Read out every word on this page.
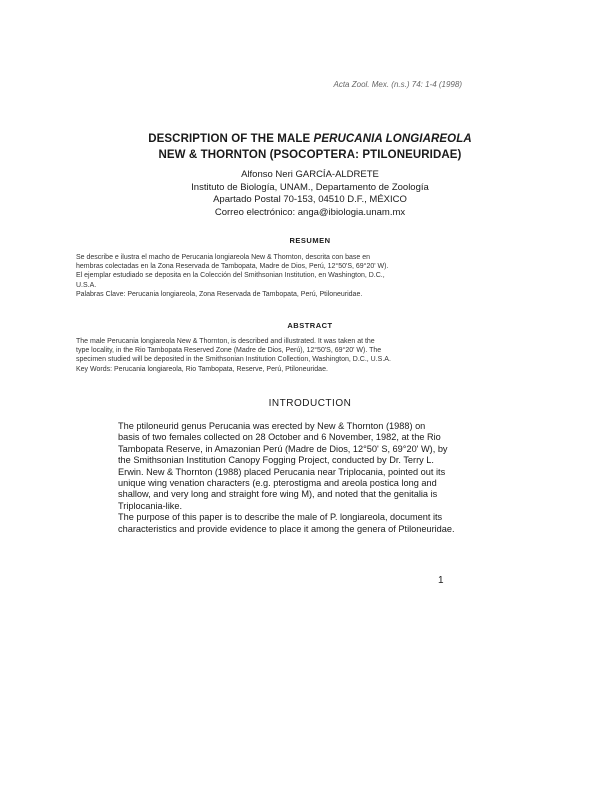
Acta Zool. Mex. (n.s.) 74: 1-4 (1998)
DESCRIPTION OF THE MALE PERUCANIA LONGIAREOLA
NEW & THORNTON (PSOCOPTERA: PTILONEURIDAE)
Alfonso Neri GARCÍA-ALDRETE
Instituto de Biología, UNAM., Departamento de Zoología
Apartado Postal 70-153, 04510 D.F., MÉXICO
Correo electrónico: anga@ibiologia.unam.mx
RESUMEN
Se describe e ilustra el macho de Perucania longiareola New & Thornton, descrita con base en
hembras colectadas en la Zona Reservada de Tambopata, Madre de Dios, Perú, 12°50'S, 69°20' W).
El ejemplar estudiado se deposita en la Colección del Smithsonian Institution, en Washington, D.C.,
U.S.A.
Palabras Clave: Perucania longiareola, Zona Reservada de Tambopata, Perú, Ptiloneuridae.
ABSTRACT
The male Perucania longiareola New & Thornton, is described and illustrated. It was taken at the
type locality, in the Rio Tambopata Reserved Zone (Madre de Dios, Perú), 12°50'S, 69°20' W). The
specimen studied will be deposited in the Smithsonian Institution Collection, Washington, D.C., U.S.A.
Key Words: Perucania longiareola, Rio Tambopata, Reserve, Perú, Ptiloneuridae.
INTRODUCTION
The ptiloneurid genus Perucania was erected by New & Thornton (1988) on
basis of two females collected on 28 October and 6 November, 1982, at the Rio
Tambopata Reserve, in Amazonian Perú (Madre de Dios, 12°50' S, 69°20' W), by
the Smithsonian Institution Canopy Fogging Project, conducted by Dr. Terry L.
Erwin. New & Thornton (1988) placed Perucania near Triplocania, pointed out its
unique wing venation characters (e.g. pterostigma and areola postica long and
shallow, and very long and straight fore wing M), and noted that the genitalia is
Triplocania-like.
The purpose of this paper is to describe the male of P. longiareola, document its
characteristics and provide evidence to place it among the genera of Ptiloneuridae.
1
